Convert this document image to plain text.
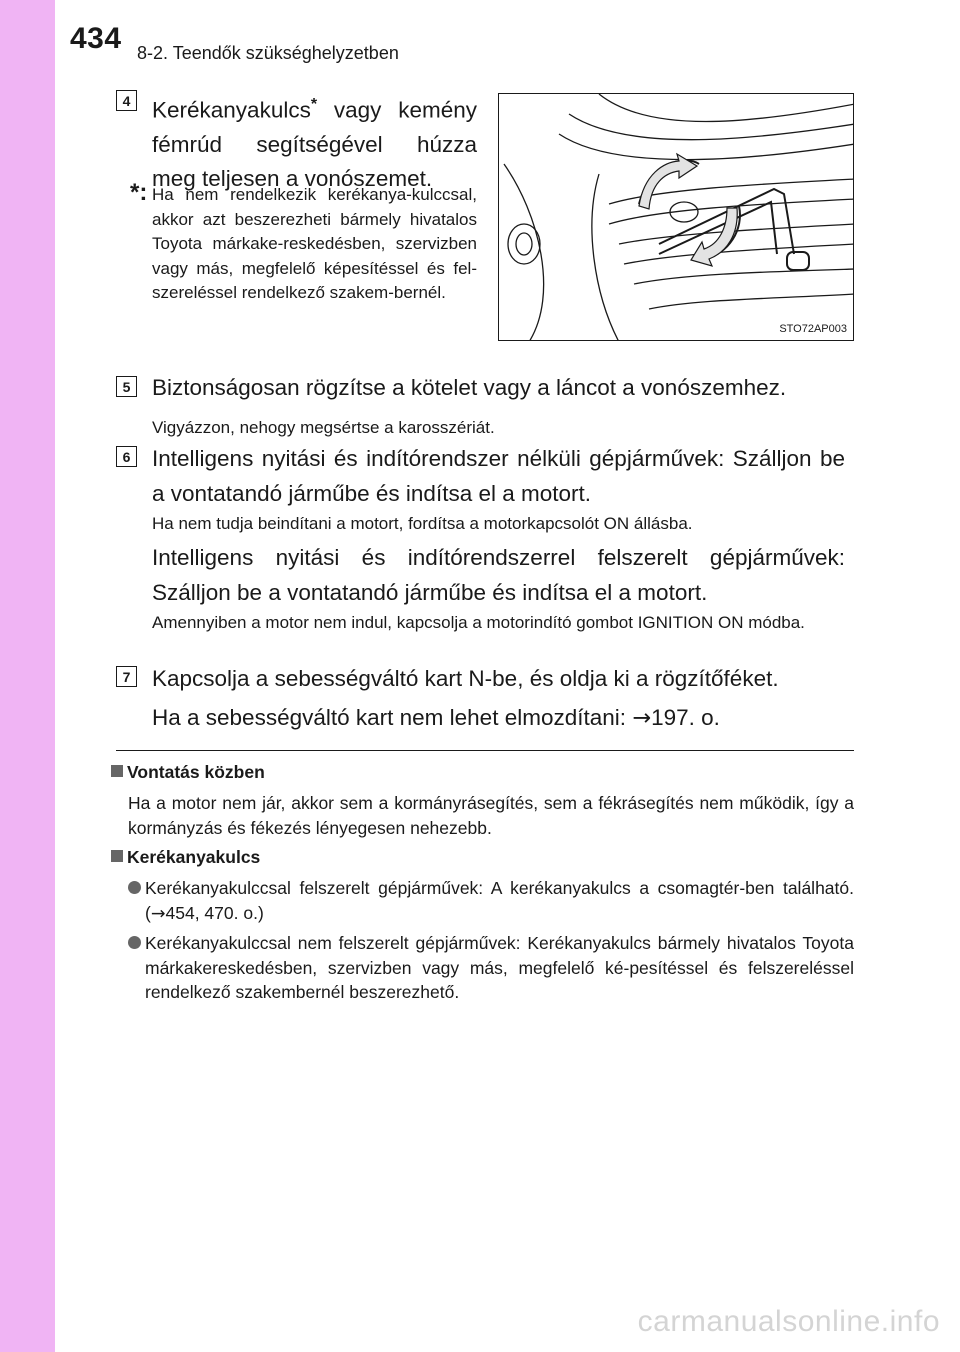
434 8-2. Teendők szükséghelyzetben
4 Kerékanyakulcs* vagy kemény
fémrúd segítségével húzza
meg teljesen a vonószemet.
*: Ha nem rendelkezik kerékanya-kulccsal, akkor azt beszerezheti bármely hivatalos Toyota márkake-reskedésben, szervizben vagy más, megfelelő képesítéssel és fel-szereléssel rendelkező szakem-bernél.
STO72AP003
5 Biztonságosan rögzítse a kötelet vagy a láncot a vonószemhez.
Vigyázzon, nehogy megsértse a karosszériát.
6 Intelligens nyitási és indítórendszer nélküli gépjárművek: Szálljon be a vontatandó járműbe és indítsa el a motort.
Ha nem tudja beindítani a motort, fordítsa a motorkapcsolót ON állásba.
Intelligens nyitási és indítórendszerrel felszerelt gépjárművek: Szálljon be a vontatandó járműbe és indítsa el a motort.
Amennyiben a motor nem indul, kapcsolja a motorindító gombot IGNITION ON módba.
7 Kapcsolja a sebességváltó kart N-be, és oldja ki a rögzítőféket.
Ha a sebességváltó kart nem lehet elmozdítani: →197. o.
Vontatás közben
Ha a motor nem jár, akkor sem a kormányrásegítés, sem a fékrásegítés nem működik, így a kormányzás és fékezés lényegesen nehezebb.
Kerékanyakulcs
Kerékanyakulccsal felszerelt gépjárművek: A kerékanyakulcs a csomagtér-ben található. (→454, 470. o.)
Kerékanyakulccsal nem felszerelt gépjárművek: Kerékanyakulcs bármely hivatalos Toyota márkakereskedésben, szervizben vagy más, megfelelő ké-pesítéssel és felszereléssel rendelkező szakembernél beszerezhető.
carmanualsonline.info
